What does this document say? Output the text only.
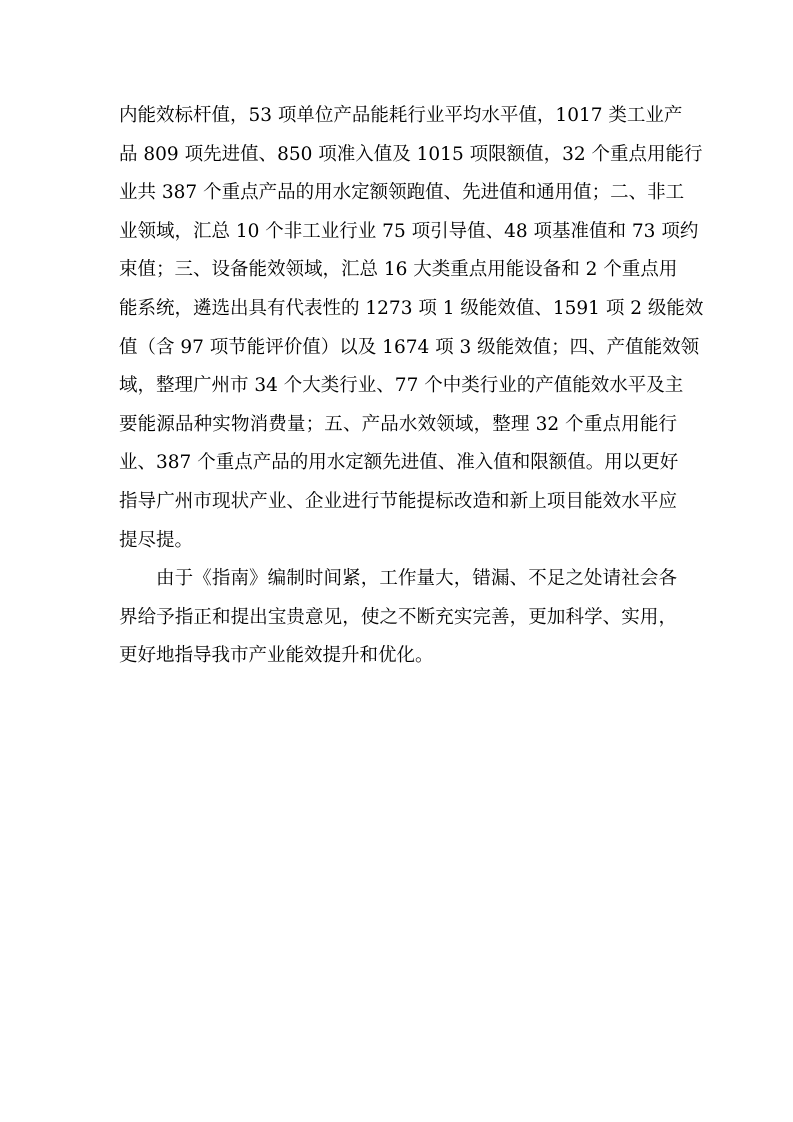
内能效标杆值，53 项单位产品能耗行业平均水平值，1017 类工业产
品 809 项先进值、850 项准入值及 1015 项限额值，32 个重点用能行
业共 387 个重点产品的用水定额领跑值、先进值和通用值；二、非工
业领域，汇总 10 个非工业行业 75 项引导值、48 项基准值和 73 项约
束值；三、设备能效领域，汇总 16 大类重点用能设备和 2 个重点用
能系统，遴选出具有代表性的 1273 项 1 级能效值、1591 项 2 级能效
值（含 97 项节能评价值）以及 1674 项 3 级能效值；四、产值能效领
域，整理广州市 34 个大类行业、77 个中类行业的产值能效水平及主
要能源品种实物消费量；五、产品水效领域，整理 32 个重点用能行
业、387 个重点产品的用水定额先进值、准入值和限额值。用以更好
指导广州市现状产业、企业进行节能提标改造和新上项目能效水平应
提尽提。
由于《指南》编制时间紧，工作量大，错漏、不足之处请社会各
界给予指正和提出宝贵意见，使之不断充实完善，更加科学、实用，
更好地指导我市产业能效提升和优化。
